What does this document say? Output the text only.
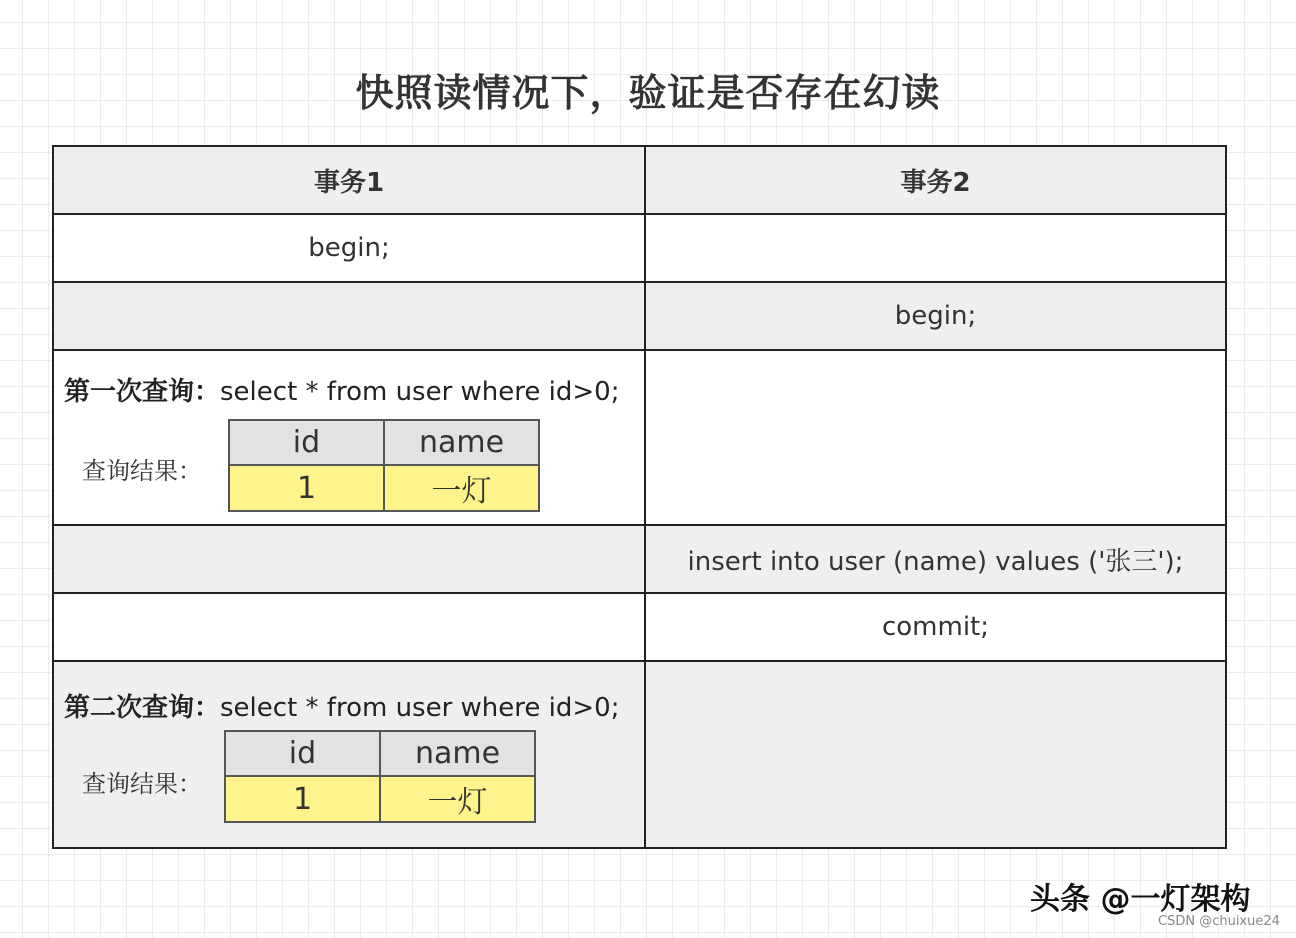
快照读情况下，验证是否存在幻读
事务1	事务2
begin;	
	begin;

第一次查询：select * from user where id>0;
查询结果：
id	name
1	一灯

	insert into user (name) values ('张三');
	commit;

第二次查询：select * from user where id>0;
查询结果：
id	name
1	一灯

头条 @一灯架构
CSDN @chuixue24
